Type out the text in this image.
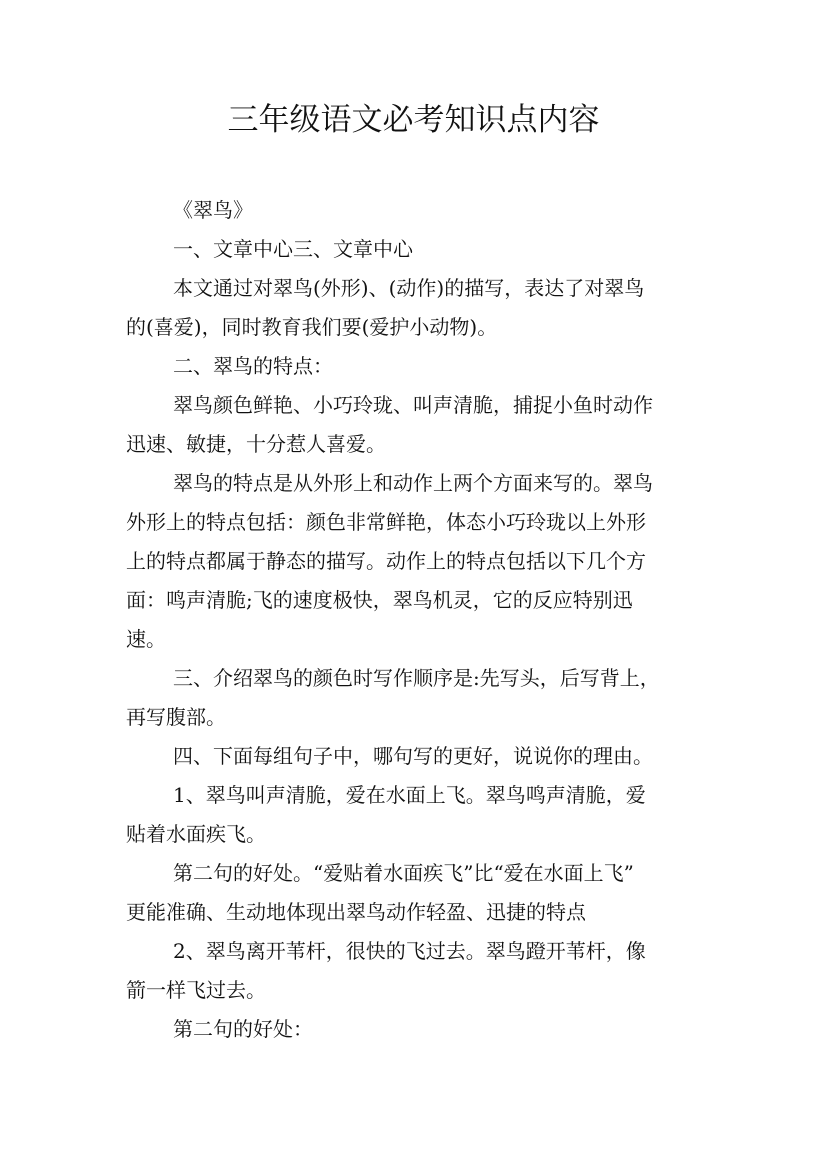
三年级语文必考知识点内容
《翠鸟》
一、文章中心三、文章中心
本文通过对翠鸟(外形)、(动作)的描写，表达了对翠鸟
的(喜爱)，同时教育我们要(爱护小动物)。
二、翠鸟的特点：
翠鸟颜色鲜艳、小巧玲珑、叫声清脆，捕捉小鱼时动作
迅速、敏捷，十分惹人喜爱。
翠鸟的特点是从外形上和动作上两个方面来写的。翠鸟
外形上的特点包括：颜色非常鲜艳，体态小巧玲珑以上外形
上的特点都属于静态的描写。动作上的特点包括以下几个方
面：鸣声清脆;飞的速度极快，翠鸟机灵，它的反应特别迅
速。
三、介绍翠鸟的颜色时写作顺序是:先写头，后写背上，
再写腹部。
四、下面每组句子中，哪句写的更好，说说你的理由。
1、翠鸟叫声清脆，爱在水面上飞。翠鸟鸣声清脆，爱
贴着水面疾飞。
第二句的好处。“爱贴着水面疾飞”比“爱在水面上飞”
更能准确、生动地体现出翠鸟动作轻盈、迅捷的特点
2、翠鸟离开苇杆，很快的飞过去。翠鸟蹬开苇杆，像
箭一样飞过去。
第二句的好处：
